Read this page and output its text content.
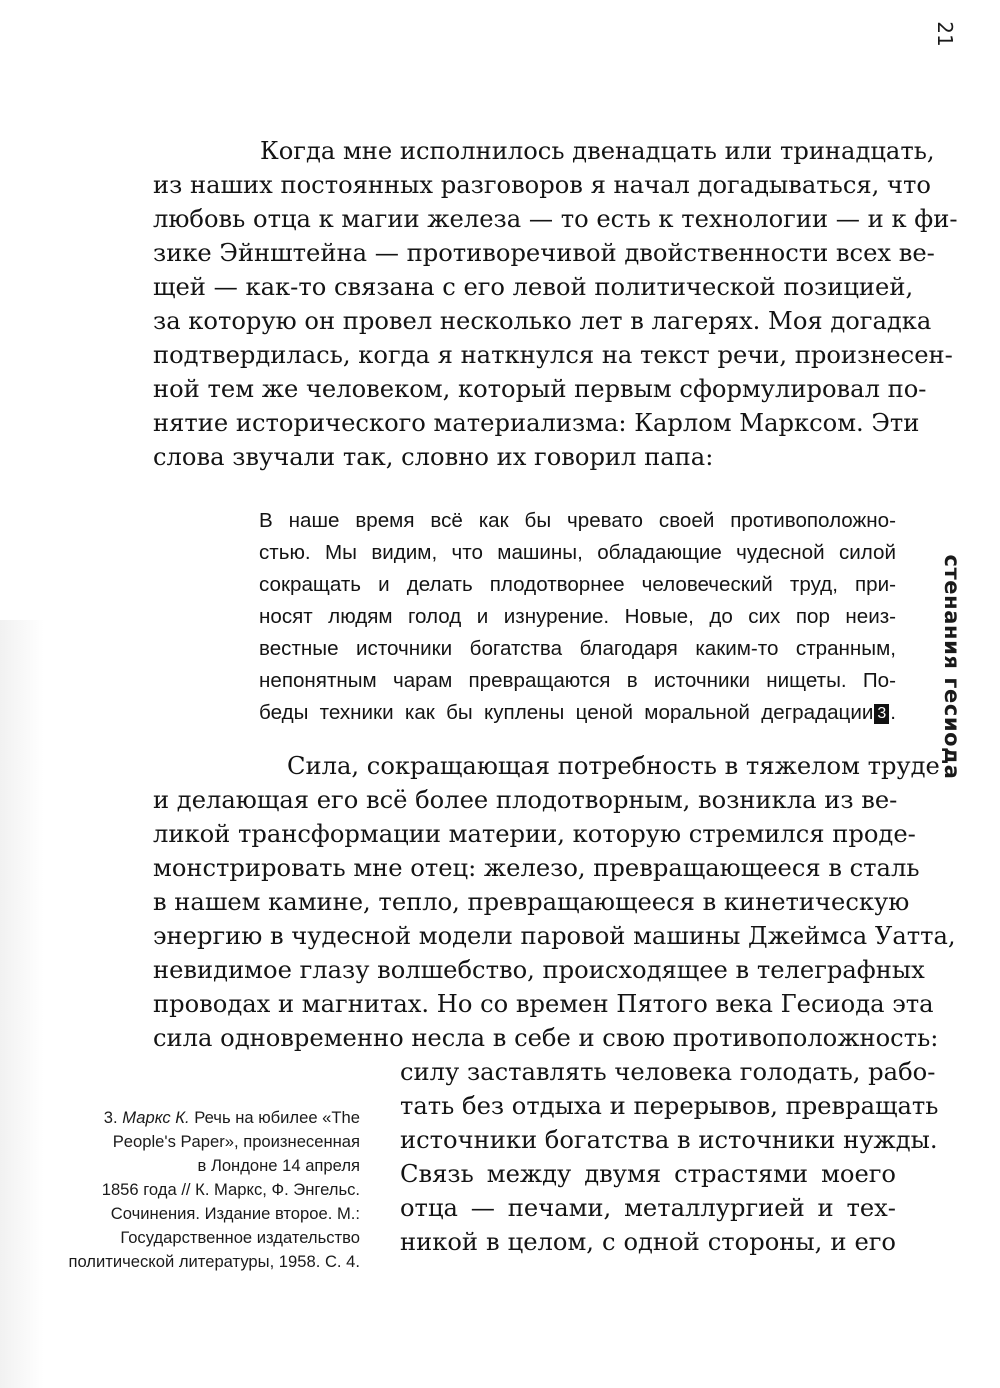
21
стенания гесиода

Когда мне исполнилось двенадцать или тринадцать,

из наших постоянных разговоров я начал догадываться, что

любовь отца к магии железа — то есть к технологии — и к фи-

зике Эйнштейна — противоречивой двойственности всех ве-

щей — как-то связана с его левой политической позицией,

за которую он провел несколько лет в лагерях. Моя догадка

подтвердилась, когда я наткнулся на текст речи, произнесен-

ной тем же человеком, который первым сформулировал по-

нятие исторического материализма: Карлом Марксом. Эти

слова звучали так, словно их говорил папа:

В наше время всё как бы чревато своей противоположно-

стью. Мы видим, что машины, обладающие чудесной силой

сокращать и делать плодотворнее человеческий труд, при-

носят людям голод и изнурение. Новые, до сих пор неиз-

вестные источники богатства благодаря каким-то странным,

непонятным чарам превращаются в источники нищеты. По-

беды техники как бы куплены ценой моральной деградации 3 .

Сила, сокращающая потребность в тяжелом труде

и делающая его всё более плодотворным, возникла из ве-

ликой трансформации материи, которую стремился проде-

монстрировать мне отец: железо, превращающееся в сталь

в нашем камине, тепло, превращающееся в кинетическую

энергию в чудесной модели паровой машины Джеймса Уатта,

невидимое глазу волшебство, происходящее в телеграфных

проводах и магнитах. Но со времен Пятого века Гесиода эта

сила одновременно несла в себе и свою противоположность:

силу заставлять человека голодать, рабо-

тать без отдыха и перерывов, превращать

источники богатства в источники нужды.

Связь между двумя страстями моего

отца — печами, металлургией и тех-

никой в целом, с одной стороны, и его

3. Маркс К. Речь на юбилее «The

People's Paper», произнесенная

в Лондоне 14 апреля

1856 года // К. Маркс, Ф. Энгельс.

Сочинения. Издание второе. М.:

Государственное издательство

политической литературы, 1958. С. 4.
